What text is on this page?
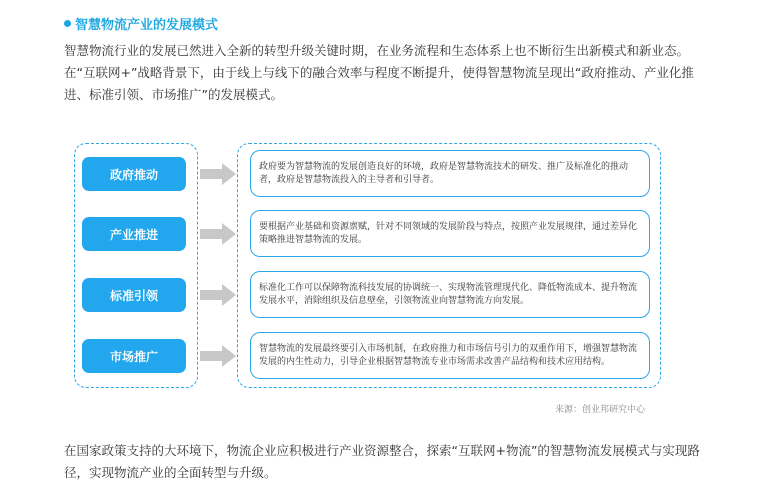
智慧物流产业的发展模式

智慧物流行业的发展已然进入全新的转型升级关键时期，在业务流程和生态体系上也不断衍生出新模式和新业态。在“互联网+”战略背景下，由于线上与线下的融合效率与程度不断提升，使得智慧物流呈现出“政府推动、产业化推进、标准引领、市场推广”的发展模式。

政府推动
政府要为智慧物流的发展创造良好的环境，政府是智慧物流技术的研发、推广及标准化的推动者，政府是智慧物流投入的主导者和引导者。
产业推进
要根据产业基础和资源禀赋，针对不同领域的发展阶段与特点，按照产业发展规律，通过差异化策略推进智慧物流的发展。
标准引领
标准化工作可以保障物流科技发展的协调统一、实现物流管理现代化、降低物流成本、提升物流发展水平，消除组织及信息壁垒，引领物流业向智慧物流方向发展。
市场推广
智慧物流的发展最终要引入市场机制，在政府推力和市场信号引力的双重作用下，增强智慧物流发展的内生性动力，引导企业根据智慧物流专业市场需求改善产品结构和技术应用结构。
来源：创业邦研究中心

在国家政策支持的大环境下，物流企业应积极进行产业资源整合，探索“互联网+物流”的智慧物流发展模式与实现路径，实现物流产业的全面转型与升级。
